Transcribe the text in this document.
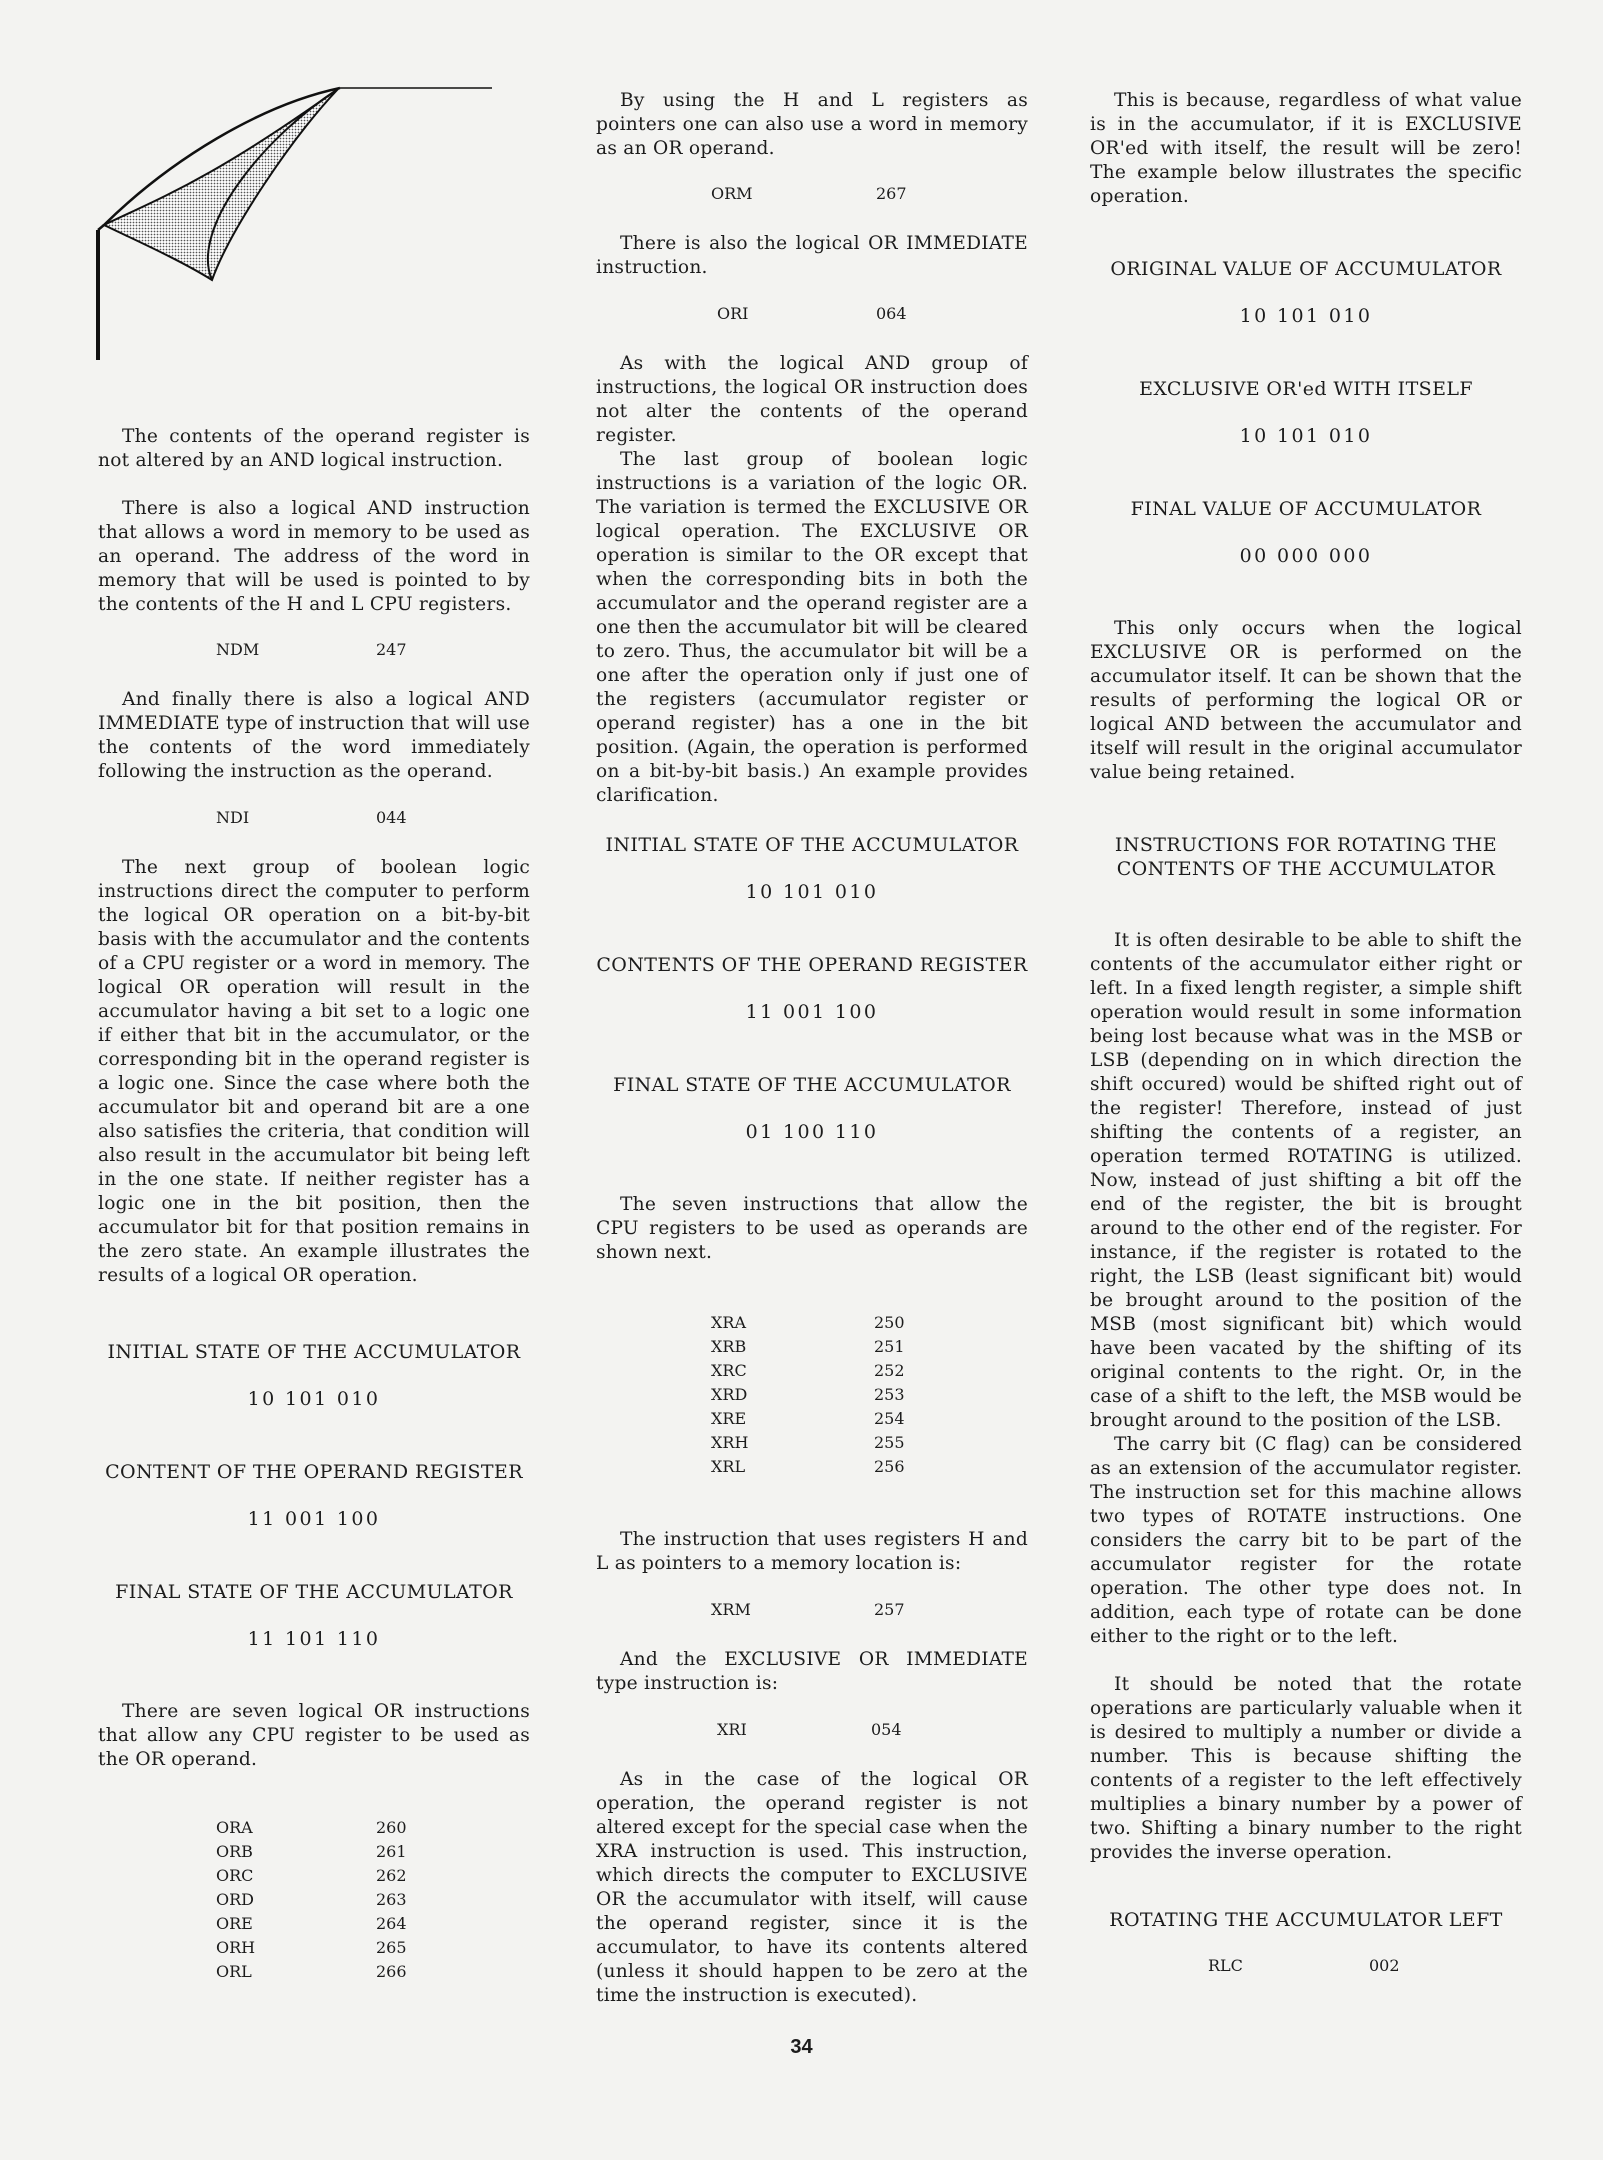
The contents of the operand register is not altered by an AND logical instruction.

There is also a logical AND instruction that allows a word in memory to be used as an operand. The address of the word in memory that will be used is pointed to by the contents of the H and L CPU registers.

NDM	247

And finally there is also a logical AND IMMEDIATE type of instruction that will use the contents of the word immediately following the instruction as the operand.

NDI	044

The next group of boolean logic instructions direct the computer to perform the logical OR operation on a bit-by-bit basis with the accumulator and the contents of a CPU register or a word in memory. The logical OR operation will result in the accumulator having a bit set to a logic one if either that bit in the accumulator, or the corresponding bit in the operand register is a logic one. Since the case where both the accumulator bit and operand bit are a one also satisfies the criteria, that condition will also result in the accumulator bit being left in the one state. If neither register has a logic one in the bit position, then the accumulator bit for that position remains in the zero state. An example illustrates the results of a logical OR operation.

INITIAL STATE OF THE ACCUMULATOR
10 101 010
CONTENT OF THE OPERAND REGISTER
11 001 100
FINAL STATE OF THE ACCUMULATOR
11 101 110

There are seven logical OR instructions that allow any CPU register to be used as the OR operand.

ORA	260
ORB	261
ORC	262
ORD	263
ORE	264
ORH	265
ORL	266

By using the H and L registers as pointers one can also use a word in memory as an OR operand.

ORM	267

There is also the logical OR IMMEDIATE instruction.

ORI	064

As with the logical AND group of instructions, the logical OR instruction does not alter the contents of the operand register.

The last group of boolean logic instructions is a variation of the logic OR. The variation is termed the EXCLUSIVE OR logical operation. The EXCLUSIVE OR operation is similar to the OR except that when the corresponding bits in both the accumulator and the operand register are a one then the accumulator bit will be cleared to zero. Thus, the accumulator bit will be a one after the operation only if just one of the registers (accumulator register or operand register) has a one in the bit position. (Again, the operation is performed on a bit-by-bit basis.) An example provides clarification.

INITIAL STATE OF THE ACCUMULATOR
10 101 010
CONTENTS OF THE OPERAND REGISTER
11 001 100
FINAL STATE OF THE ACCUMULATOR
01 100 110

The seven instructions that allow the CPU registers to be used as operands are shown next.

XRA	250
XRB	251
XRC	252
XRD	253
XRE	254
XRH	255
XRL	256

The instruction that uses registers H and L as pointers to a memory location is:

XRM	257

And the EXCLUSIVE OR IMMEDIATE type instruction is:

XRI	054

As in the case of the logical OR operation, the operand register is not altered except for the special case when the XRA instruction is used. This instruction, which directs the computer to EXCLUSIVE OR the accumulator with itself, will cause the operand register, since it is the accumulator, to have its contents altered (unless it should happen to be zero at the time the instruction is executed).

This is because, regardless of what value is in the accumulator, if it is EXCLUSIVE OR'ed with itself, the result will be zero! The example below illustrates the specific operation.

ORIGINAL VALUE OF ACCUMULATOR
10 101 010
EXCLUSIVE OR'ed WITH ITSELF
10 101 010
FINAL VALUE OF ACCUMULATOR
00 000 000

This only occurs when the logical EXCLUSIVE OR is performed on the accumulator itself. It can be shown that the results of performing the logical OR or logical AND between the accumulator and itself will result in the original accumulator value being retained.

INSTRUCTIONS FOR ROTATING THE
CONTENTS OF THE ACCUMULATOR

It is often desirable to be able to shift the contents of the accumulator either right or left. In a fixed length register, a simple shift operation would result in some information being lost because what was in the MSB or LSB (depending on in which direction the shift occured) would be shifted right out of the register! Therefore, instead of just shifting the contents of a register, an operation termed ROTATING is utilized. Now, instead of just shifting a bit off the end of the register, the bit is brought around to the other end of the register. For instance, if the register is rotated to the right, the LSB (least significant bit) would be brought around to the position of the MSB (most significant bit) which would have been vacated by the shifting of its original contents to the right. Or, in the case of a shift to the left, the MSB would be brought around to the position of the LSB.

The carry bit (C flag) can be considered as an extension of the accumulator register. The instruction set for this machine allows two types of ROTATE instructions. One considers the carry bit to be part of the accumulator register for the rotate operation. The other type does not. In addition, each type of rotate can be done either to the right or to the left.

It should be noted that the rotate operations are particularly valuable when it is desired to multiply a number or divide a number. This is because shifting the contents of a register to the left effectively multiplies a binary number by a power of two. Shifting a binary number to the right provides the inverse operation.

ROTATING THE ACCUMULATOR LEFT
RLC	002
34
